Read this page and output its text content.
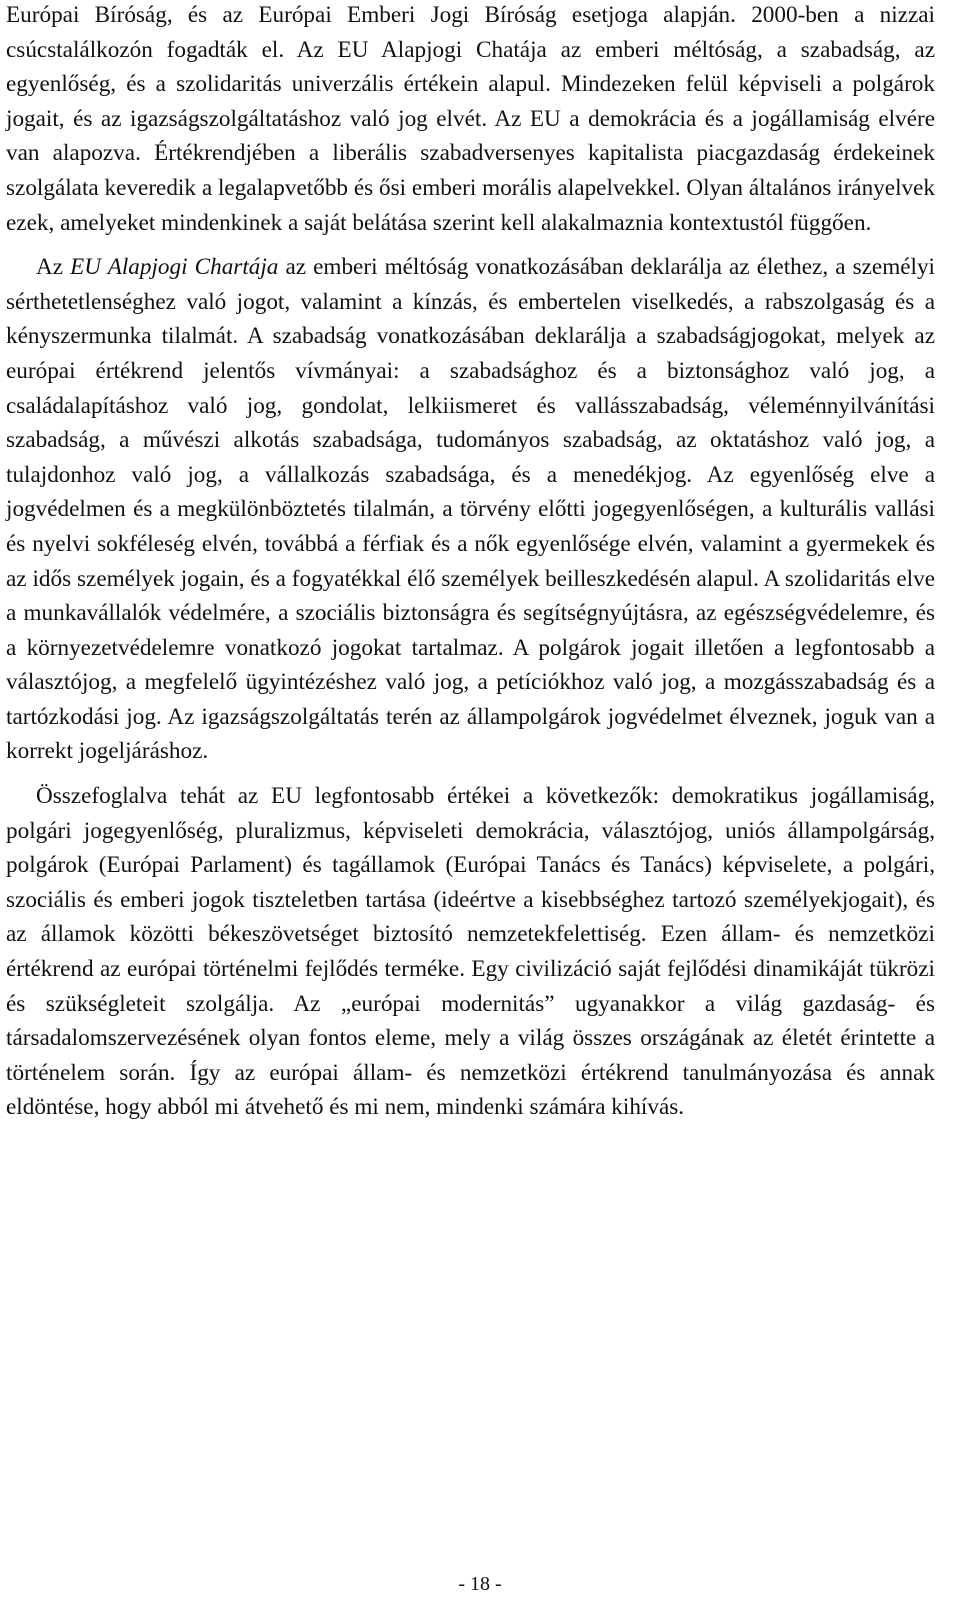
Európai Bíróság, és az Európai Emberi Jogi Bíróság esetjoga alapján. 2000-ben a nizzai csúcstalálkozón fogadták el. Az EU Alapjogi Chatája az emberi méltóság, a szabadság, az egyenlőség, és a szolidaritás univerzális értékein alapul. Mindezeken felül képviseli a polgárok jogait, és az igazságszolgáltatáshoz való jog elvét. Az EU a demokrácia és a jogállamiság elvére van alapozva. Értékrendjében a liberális szabadversenyes kapitalista piacgazdaság érdekeinek szolgálata keveredik a legalapvetőbb és ősi emberi morális alapelvekkel. Olyan általános irányelvek ezek, amelyeket mindenkinek a saját belátása szerint kell alakalmaznia kontextustól függően.

Az EU Alapjogi Chartája az emberi méltóság vonatkozásában deklarálja az élethez, a személyi sérthetetlenséghez való jogot, valamint a kínzás, és embertelen viselkedés, a rabszolgaság és a kényszermunka tilalmát. A szabadság vonatkozásában deklarálja a szabadságjogokat, melyek az európai értékrend jelentős vívmányai: a szabadsághoz és a biztonsághoz való jog, a családalapításhoz való jog, gondolat, lelkiismeret és vallásszabadság, véleménnyilvánítási szabadság, a művészi alkotás szabadsága, tudományos szabadság, az oktatáshoz való jog, a tulajdonhoz való jog, a vállalkozás szabadsága, és a menedékjog. Az egyenlőség elve a jogvédelmen és a megkülönböztetés tilalmán, a törvény előtti jogegyenlőségen, a kulturális vallási és nyelvi sokféleség elvén, továbbá a férfiak és a nők egyenlősége elvén, valamint a gyermekek és az idős személyek jogain, és a fogyatékkal élő személyek beilleszkedésén alapul. A szolidaritás elve a munkavállalók védelmére, a szociális biztonságra és segítségnyújtásra, az egészségvédelemre, és a környezetvédelemre vonatkozó jogokat tartalmaz. A polgárok jogait illetően a legfontosabb a választójog, a megfelelő ügyintézéshez való jog, a petíciókhoz való jog, a mozgásszabadság és a tartózkodási jog. Az igazságszolgáltatás terén az állampolgárok jogvédelmet élveznek, joguk van a korrekt jogeljáráshoz.

Összefoglalva tehát az EU legfontosabb értékei a következők: demokratikus jogállamiság, polgári jogegyenlőség, pluralizmus, képviseleti demokrácia, választójog, uniós állampolgárság, polgárok (Európai Parlament) és tagállamok (Európai Tanács és Tanács) képviselete, a polgári, szociális és emberi jogok tiszteletben tartása (ideértve a kisebbséghez tartozó személyekjogait), és az államok közötti békeszövetséget biztosító nemzetekfelettiség. Ezen állam- és nemzetközi értékrend az európai történelmi fejlődés terméke. Egy civilizáció saját fejlődési dinamikáját tükrözi és szükségleteit szolgálja. Az „európai modernitás” ugyanakkor a világ gazdaság- és társadalomszervezésének olyan fontos eleme, mely a világ összes országának az életét érintette a történelem során. Így az európai állam- és nemzetközi értékrend tanulmányozása és annak eldöntése, hogy abból mi átvehető és mi nem, mindenki számára kihívás.

- 18 -
